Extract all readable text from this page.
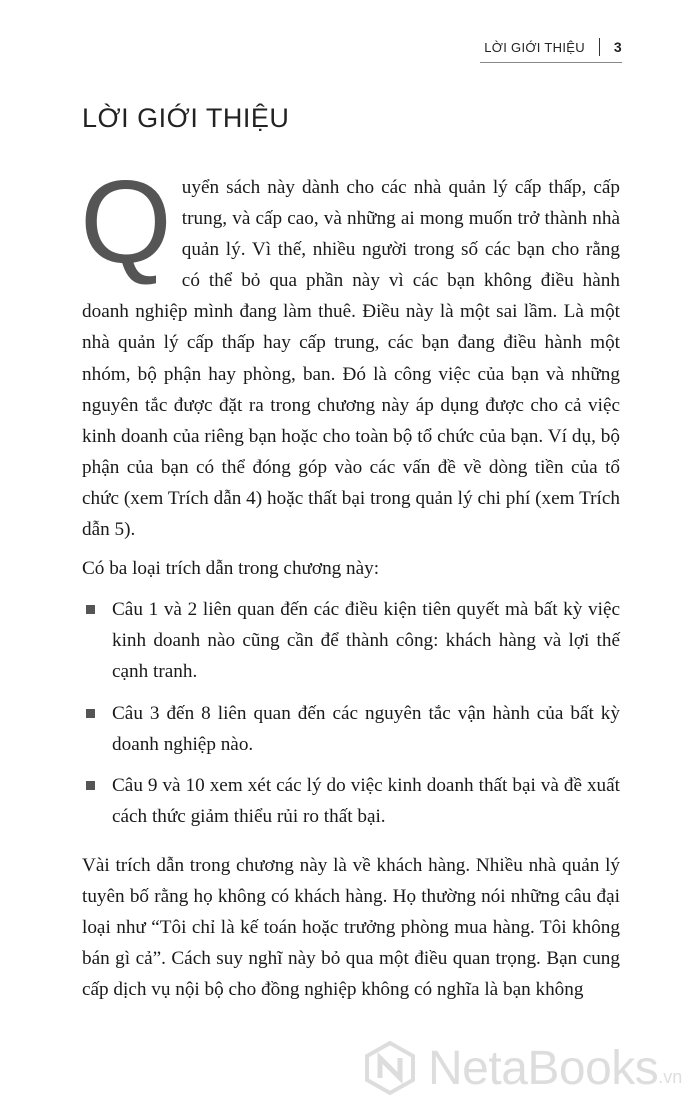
LỜI GIỚI THIỆU 3
LỜI GIỚI THIỆU

Quyển sách này dành cho các nhà quản lý cấp thấp, cấp trung, và cấp cao, và những ai mong muốn trở thành nhà quản lý. Vì thế, nhiều người trong số các bạn cho rằng có thể bỏ qua phần này vì các bạn không điều hành doanh nghiệp mình đang làm thuê. Điều này là một sai lầm. Là một nhà quản lý cấp thấp hay cấp trung, các bạn đang điều hành một nhóm, bộ phận hay phòng, ban. Đó là công việc của bạn và những nguyên tắc được đặt ra trong chương này áp dụng được cho cả việc kinh doanh của riêng bạn hoặc cho toàn bộ tổ chức của bạn. Ví dụ, bộ phận của bạn có thể đóng góp vào các vấn đề về dòng tiền của tổ chức (xem Trích dẫn 4) hoặc thất bại trong quản lý chi phí (xem Trích dẫn 5).

Có ba loại trích dẫn trong chương này:

Câu 1 và 2 liên quan đến các điều kiện tiên quyết mà bất kỳ việc kinh doanh nào cũng cần để thành công: khách hàng và lợi thế cạnh tranh.
Câu 3 đến 8 liên quan đến các nguyên tắc vận hành của bất kỳ doanh nghiệp nào.
Câu 9 và 10 xem xét các lý do việc kinh doanh thất bại và đề xuất cách thức giảm thiểu rủi ro thất bại.

Vài trích dẫn trong chương này là về khách hàng. Nhiều nhà quản lý tuyên bố rằng họ không có khách hàng. Họ thường nói những câu đại loại như “Tôi chỉ là kế toán hoặc trưởng phòng mua hàng. Tôi không bán gì cả”. Cách suy nghĩ này bỏ qua một điều quan trọng. Bạn cung cấp dịch vụ nội bộ cho đồng nghiệp không có nghĩa là bạn không

NetaBooks .vn
